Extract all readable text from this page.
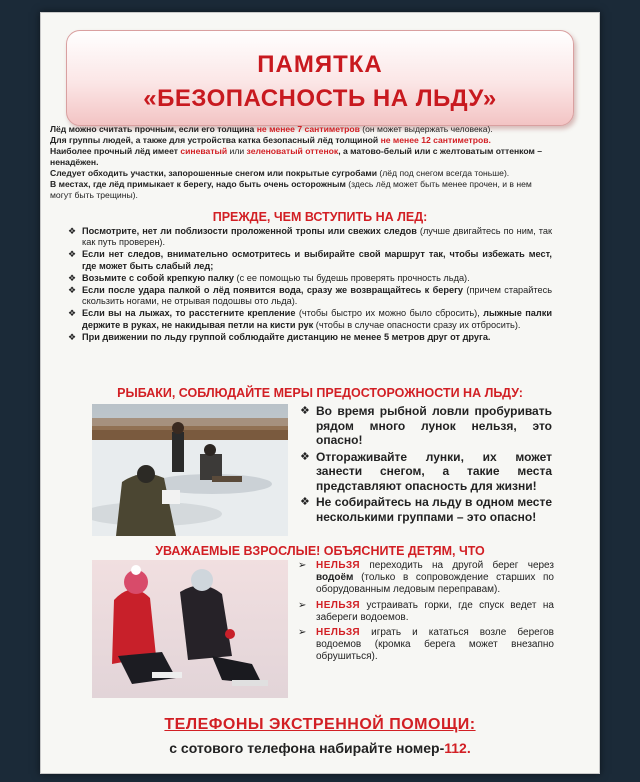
ПАМЯТКА
«БЕЗОПАСНОСТЬ НА ЛЬДУ»

Лёд можно считать прочным, если его толщина не менее 7 сантиметров (он может выдержать человека).

Для группы людей, а также для устройства катка безопасный лёд толщиной не менее 12 сантиметров.

Наиболее прочный лёд имеет синеватый или зеленоватый оттенок, а матово-белый или с желтоватым оттенком – ненадёжен.

Следует обходить участки, запорошенные снегом или покрытые сугробами (лёд под снегом всегда тоньше).

В местах, где лёд примыкает к берегу, надо быть очень осторожным (здесь лёд может быть менее прочен, и в нем могут быть трещины).

ПРЕЖДЕ, ЧЕМ ВСТУПИТЬ НА ЛЕД:
❖ Посмотрите, нет ли поблизости проложенной тропы или свежих следов (лучше двигайтесь по ним, так как путь проверен).
❖ Если нет следов, внимательно осмотритесь и выбирайте свой маршрут так, чтобы избежать мест, где может быть слабый лед;
❖ Возьмите с собой крепкую палку (с ее помощью ты будешь проверять прочность льда).
❖ Если после удара палкой о лёд появится вода, сразу же возвращайтесь к берегу (причем старайтесь скользить ногами, не отрывая подошвы ото льда).
❖ Если вы на лыжах, то расстегните крепление (чтобы быстро их можно было сбросить), лыжные палки держите в руках, не накидывая петли на кисти рук (чтобы в случае опасности сразу их отбросить).
❖ При движении по льду группой соблюдайте дистанцию не менее 5 метров друг от друга.
РЫБАКИ, СОБЛЮДАЙТЕ МЕРЫ ПРЕДОСТОРОЖНОСТИ НА ЛЬДУ:
❖ Во время рыбной ловли пробуривать рядом много лунок нельзя, это опасно!
❖ Отгораживайте лунки, их может занести снегом, а такие места представляют опасность для жизни!
❖ Не собирайтесь на льду в одном месте несколькими группами – это опасно!
УВАЖАЕМЫЕ ВЗРОСЛЫЕ! ОБЪЯСНИТЕ ДЕТЯМ, ЧТО
➢ НЕЛЬЗЯ переходить на другой берег через водоём (только в сопровождение старших по оборудованным ледовым переправам).
➢ НЕЛЬЗЯ устраивать горки, где спуск ведет на забереги водоемов.
➢ НЕЛЬЗЯ играть и кататься возле берегов водоемов (кромка берега может внезапно обрушиться).
ТЕЛЕФОНЫ ЭКСТРЕННОЙ ПОМОЩИ:
с сотового телефона набирайте номер-112.
